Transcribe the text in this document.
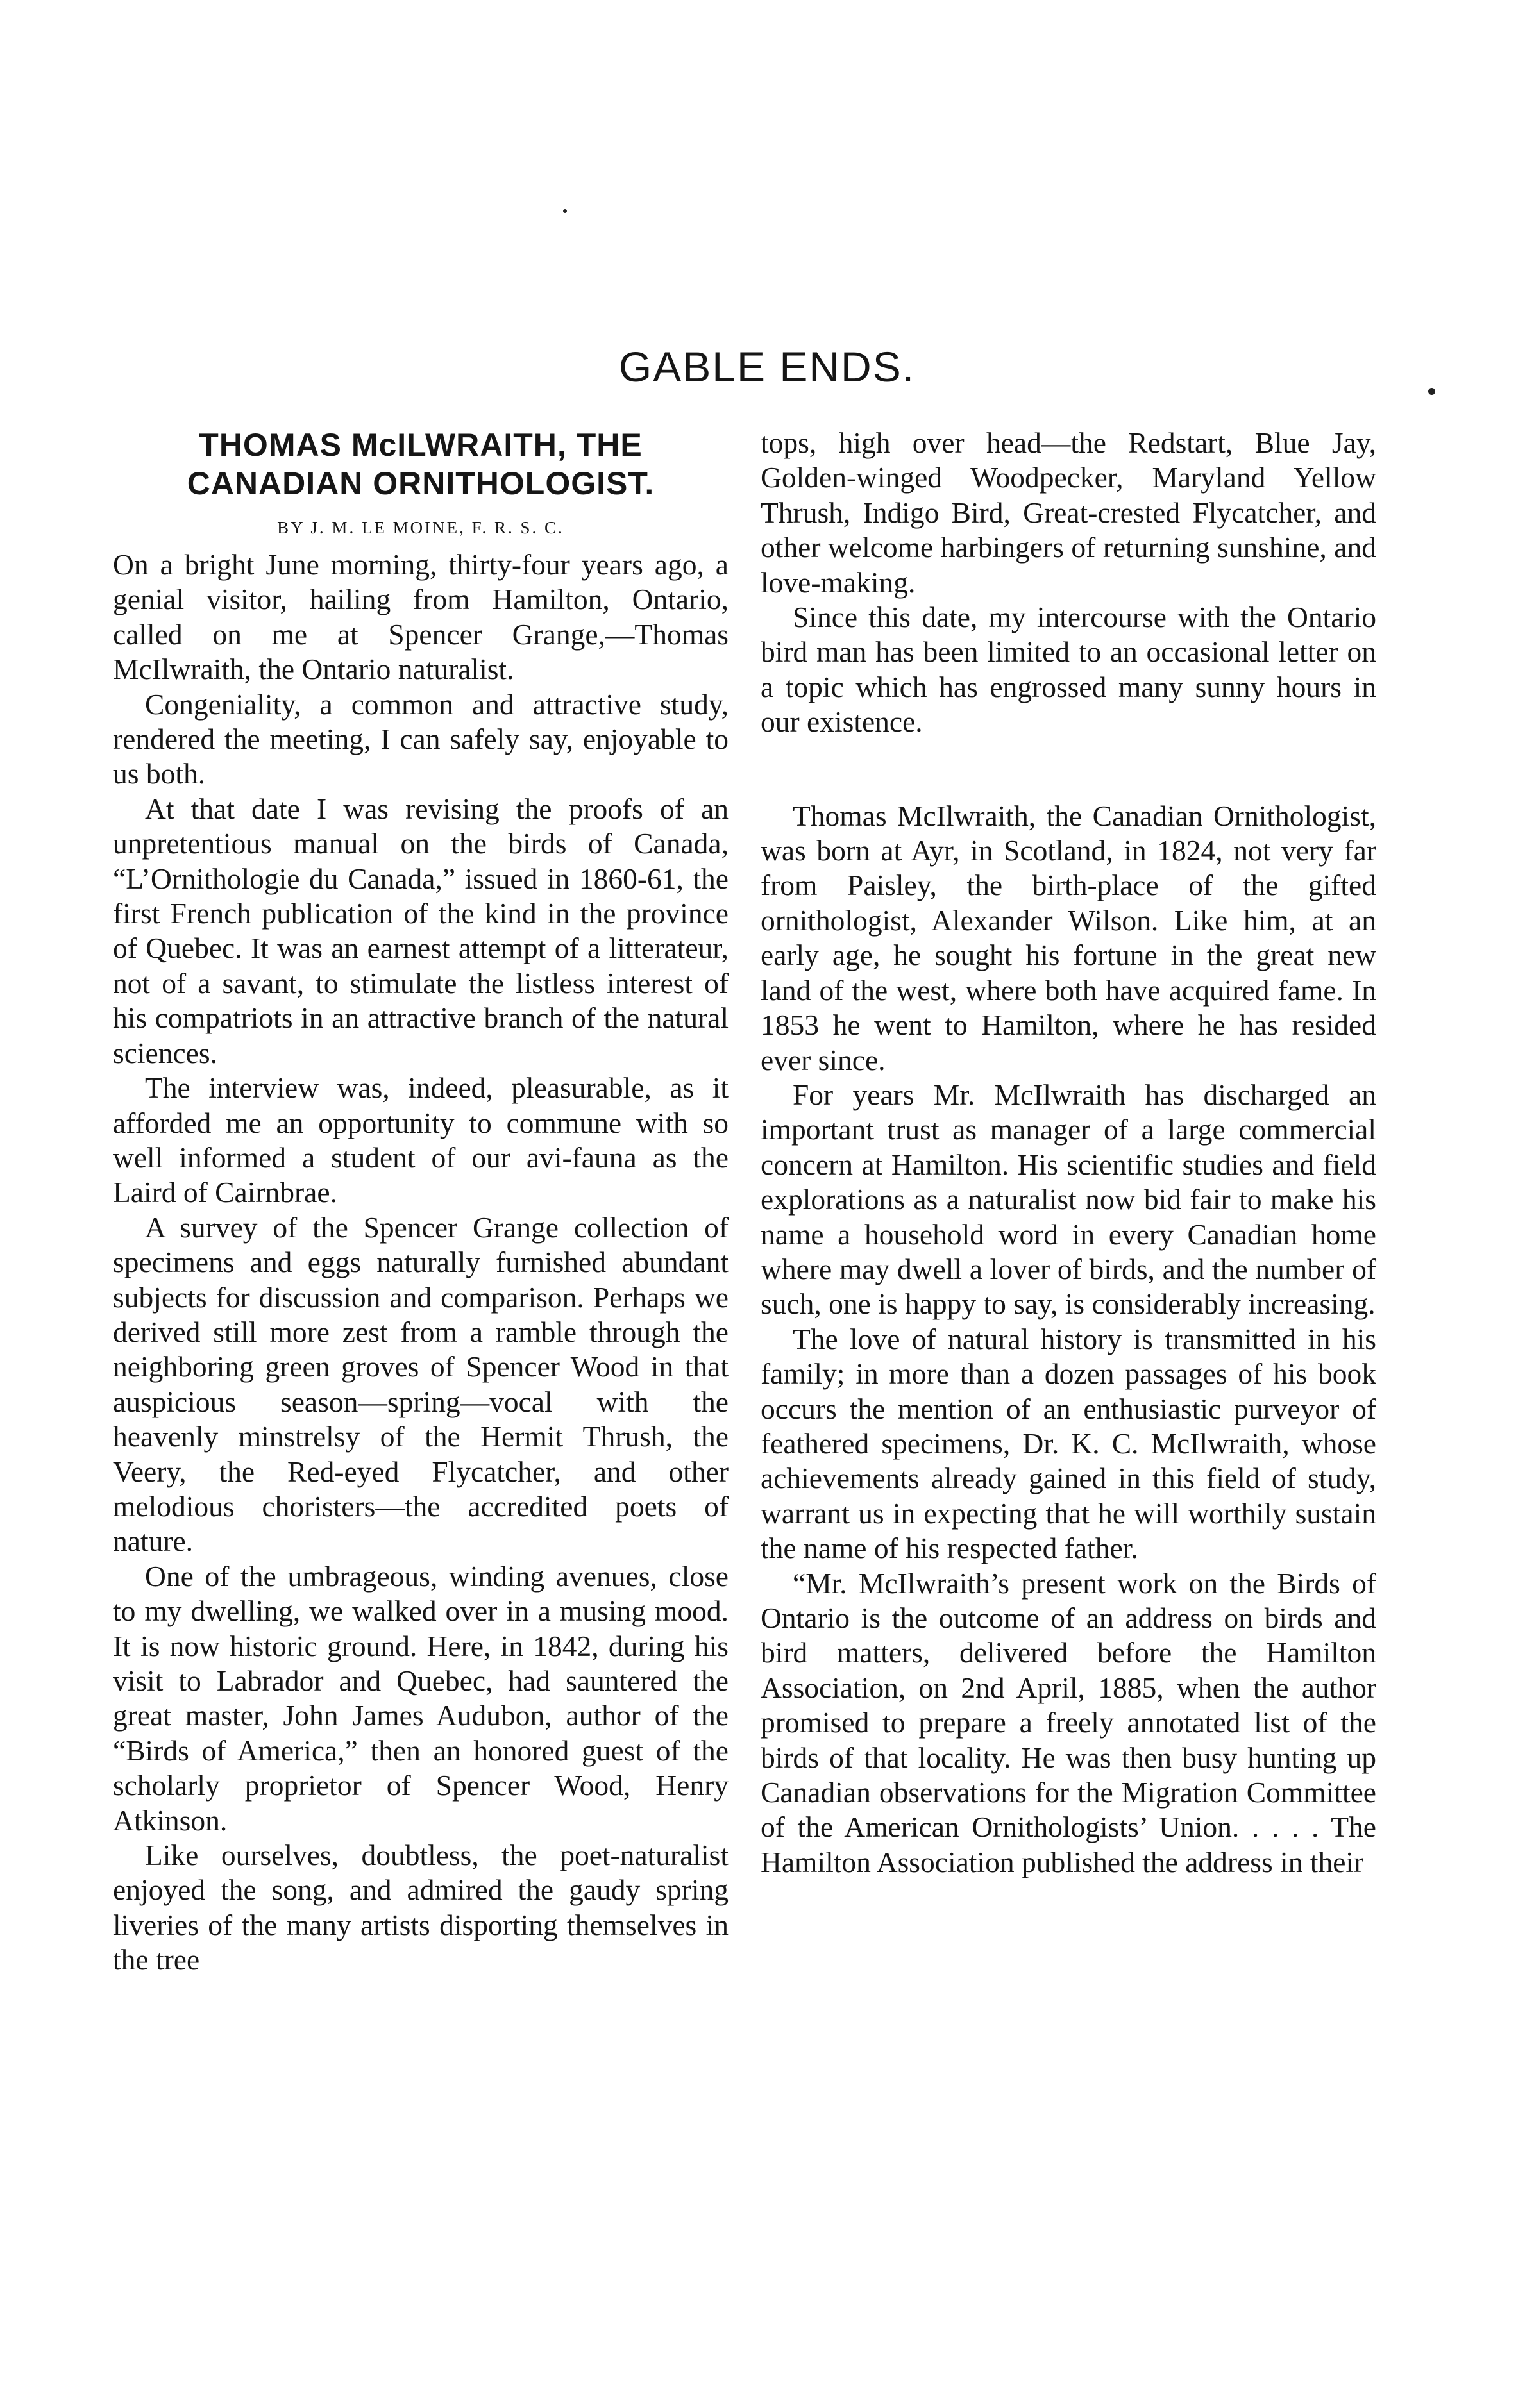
GABLE ENDS.
THOMAS McILWRAITH, THE CANADIAN ORNITHOLOGIST.
BY J. M. LE MOINE, F. R. S. C.

On a bright June morning, thirty-four years ago, a genial visitor, hailing from Hamilton, Ontario, called on me at Spencer Grange,—Thomas McIlwraith, the Ontario naturalist.

Congeniality, a common and attractive study, rendered the meeting, I can safely say, enjoyable to us both.

At that date I was revising the proofs of an unpretentious manual on the birds of Canada, “L’Ornithologie du Canada,” issued in 1860-61, the first French publication of the kind in the province of Quebec. It was an earnest attempt of a litterateur, not of a savant, to stimulate the listless interest of his compatriots in an attractive branch of the natural sciences.

The interview was, indeed, pleasurable, as it afforded me an opportunity to commune with so well informed a student of our avi-fauna as the Laird of Cairnbrae.

A survey of the Spencer Grange collection of specimens and eggs naturally furnished abundant subjects for discussion and comparison. Perhaps we derived still more zest from a ramble through the neighboring green groves of Spencer Wood in that auspicious season—spring—vocal with the heavenly minstrelsy of the Hermit Thrush, the Veery, the Red-eyed Flycatcher, and other melodious choristers—the accredited poets of nature.

One of the umbrageous, winding avenues, close to my dwelling, we walked over in a musing mood. It is now historic ground. Here, in 1842, during his visit to Labrador and Quebec, had sauntered the great master, John James Audubon, author of the “Birds of America,” then an honored guest of the scholarly proprietor of Spencer Wood, Henry Atkinson.

Like ourselves, doubtless, the poet-naturalist enjoyed the song, and admired the gaudy spring liveries of the many artists disporting themselves in the tree

tops, high over head—the Redstart, Blue Jay, Golden-winged Woodpecker, Maryland Yellow Thrush, Indigo Bird, Great-crested Flycatcher, and other welcome harbingers of returning sunshine, and love-making.

Since this date, my intercourse with the Ontario bird man has been limited to an occasional letter on a topic which has engrossed many sunny hours in our existence.

Thomas McIlwraith, the Canadian Ornithologist, was born at Ayr, in Scotland, in 1824, not very far from Paisley, the birth-place of the gifted ornithologist, Alexander Wilson. Like him, at an early age, he sought his fortune in the great new land of the west, where both have acquired fame. In 1853 he went to Hamilton, where he has resided ever since.

For years Mr. McIlwraith has discharged an important trust as manager of a large commercial concern at Hamilton. His scientific studies and field explorations as a naturalist now bid fair to make his name a household word in every Canadian home where may dwell a lover of birds, and the number of such, one is happy to say, is considerably increasing.

The love of natural history is transmitted in his family; in more than a dozen passages of his book occurs the mention of an enthusiastic purveyor of feathered specimens, Dr. K. C. McIlwraith, whose achievements already gained in this field of study, warrant us in expecting that he will worthily sustain the name of his respected father.

“Mr. McIlwraith’s present work on the Birds of Ontario is the outcome of an address on birds and bird matters, delivered before the Hamilton Association, on 2nd April, 1885, when the author promised to prepare a freely annotated list of the birds of that locality. He was then busy hunting up Canadian observations for the Migration Committee of the American Ornithologists’ Union. . . . . The Hamilton Association published the address in their
